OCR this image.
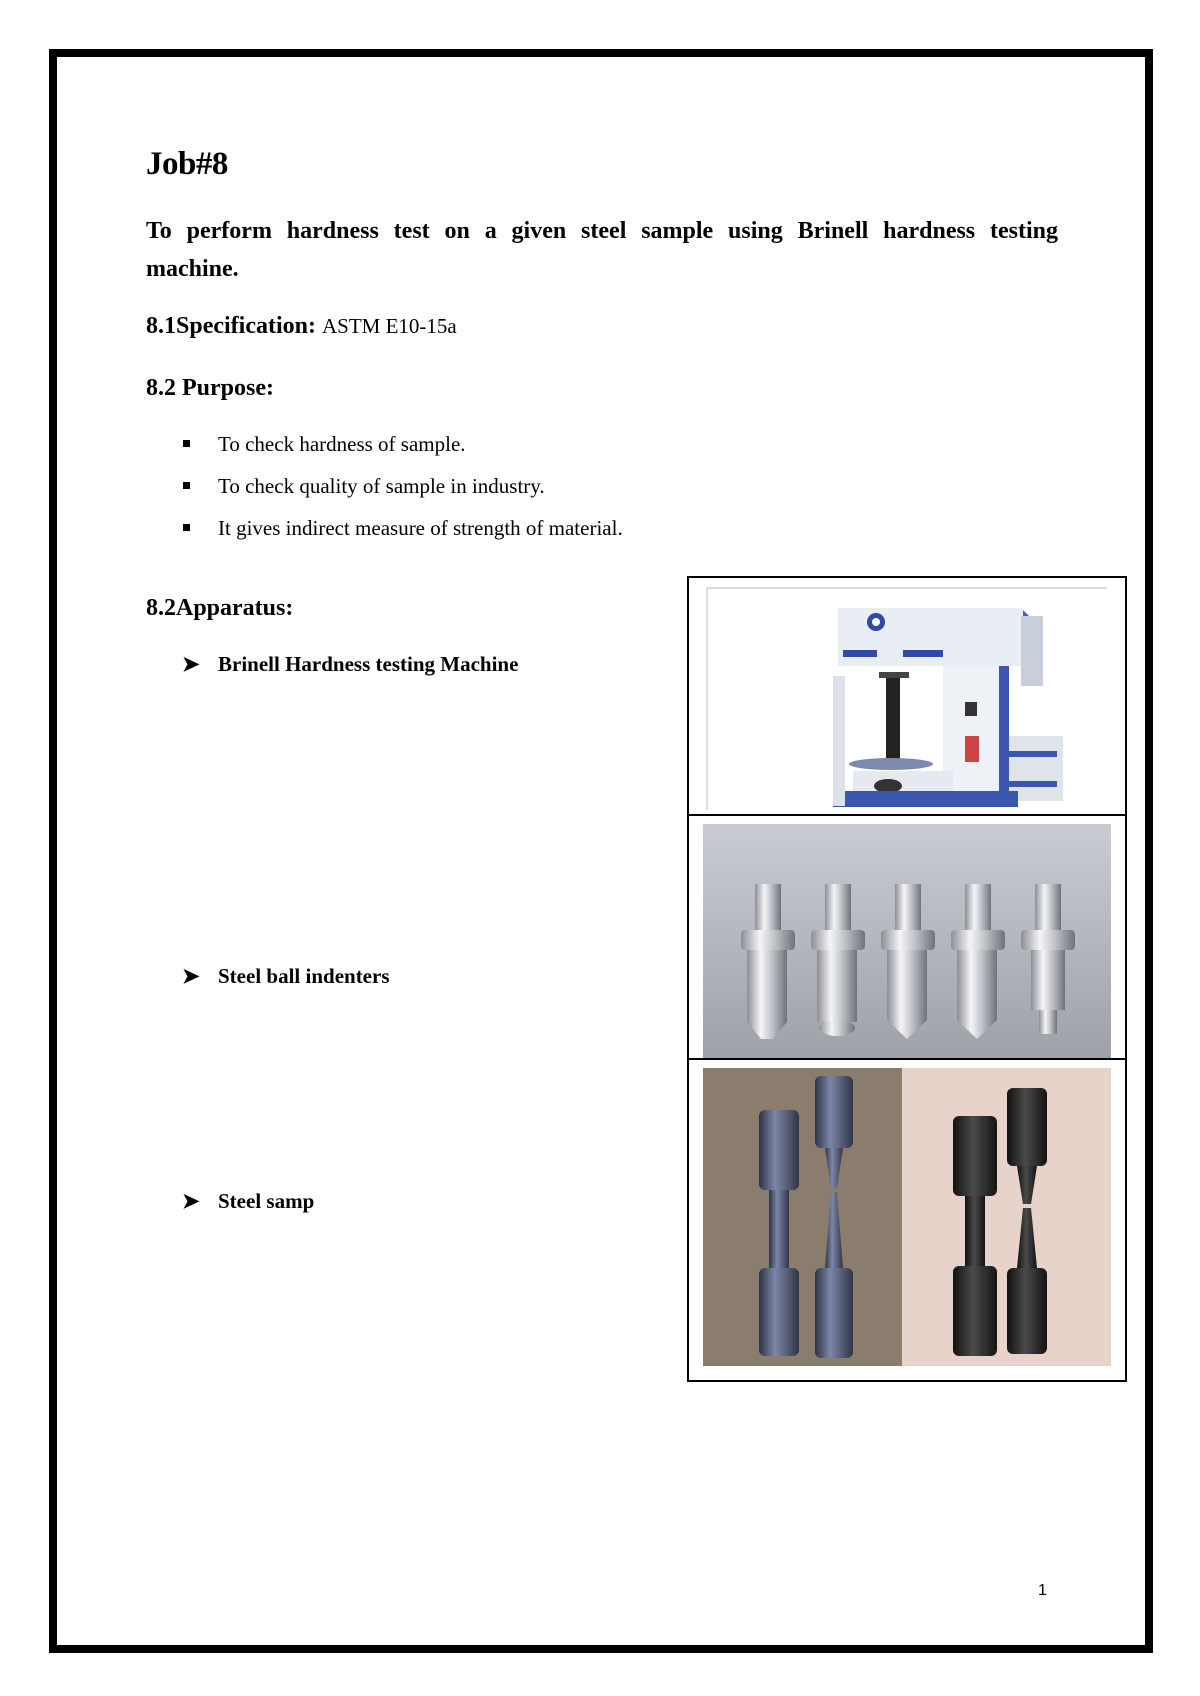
Job#8
To perform hardness test on a given steel sample using Brinell hardness testing machine.
8.1Specification: ASTM E10-15a
8.2 Purpose:
To check hardness of sample.
To check quality of sample in industry.
It gives indirect measure of strength of material.
8.2Apparatus:
➤ Brinell Hardness testing Machine
➤ Steel ball indenters
➤ Steel samp
1
